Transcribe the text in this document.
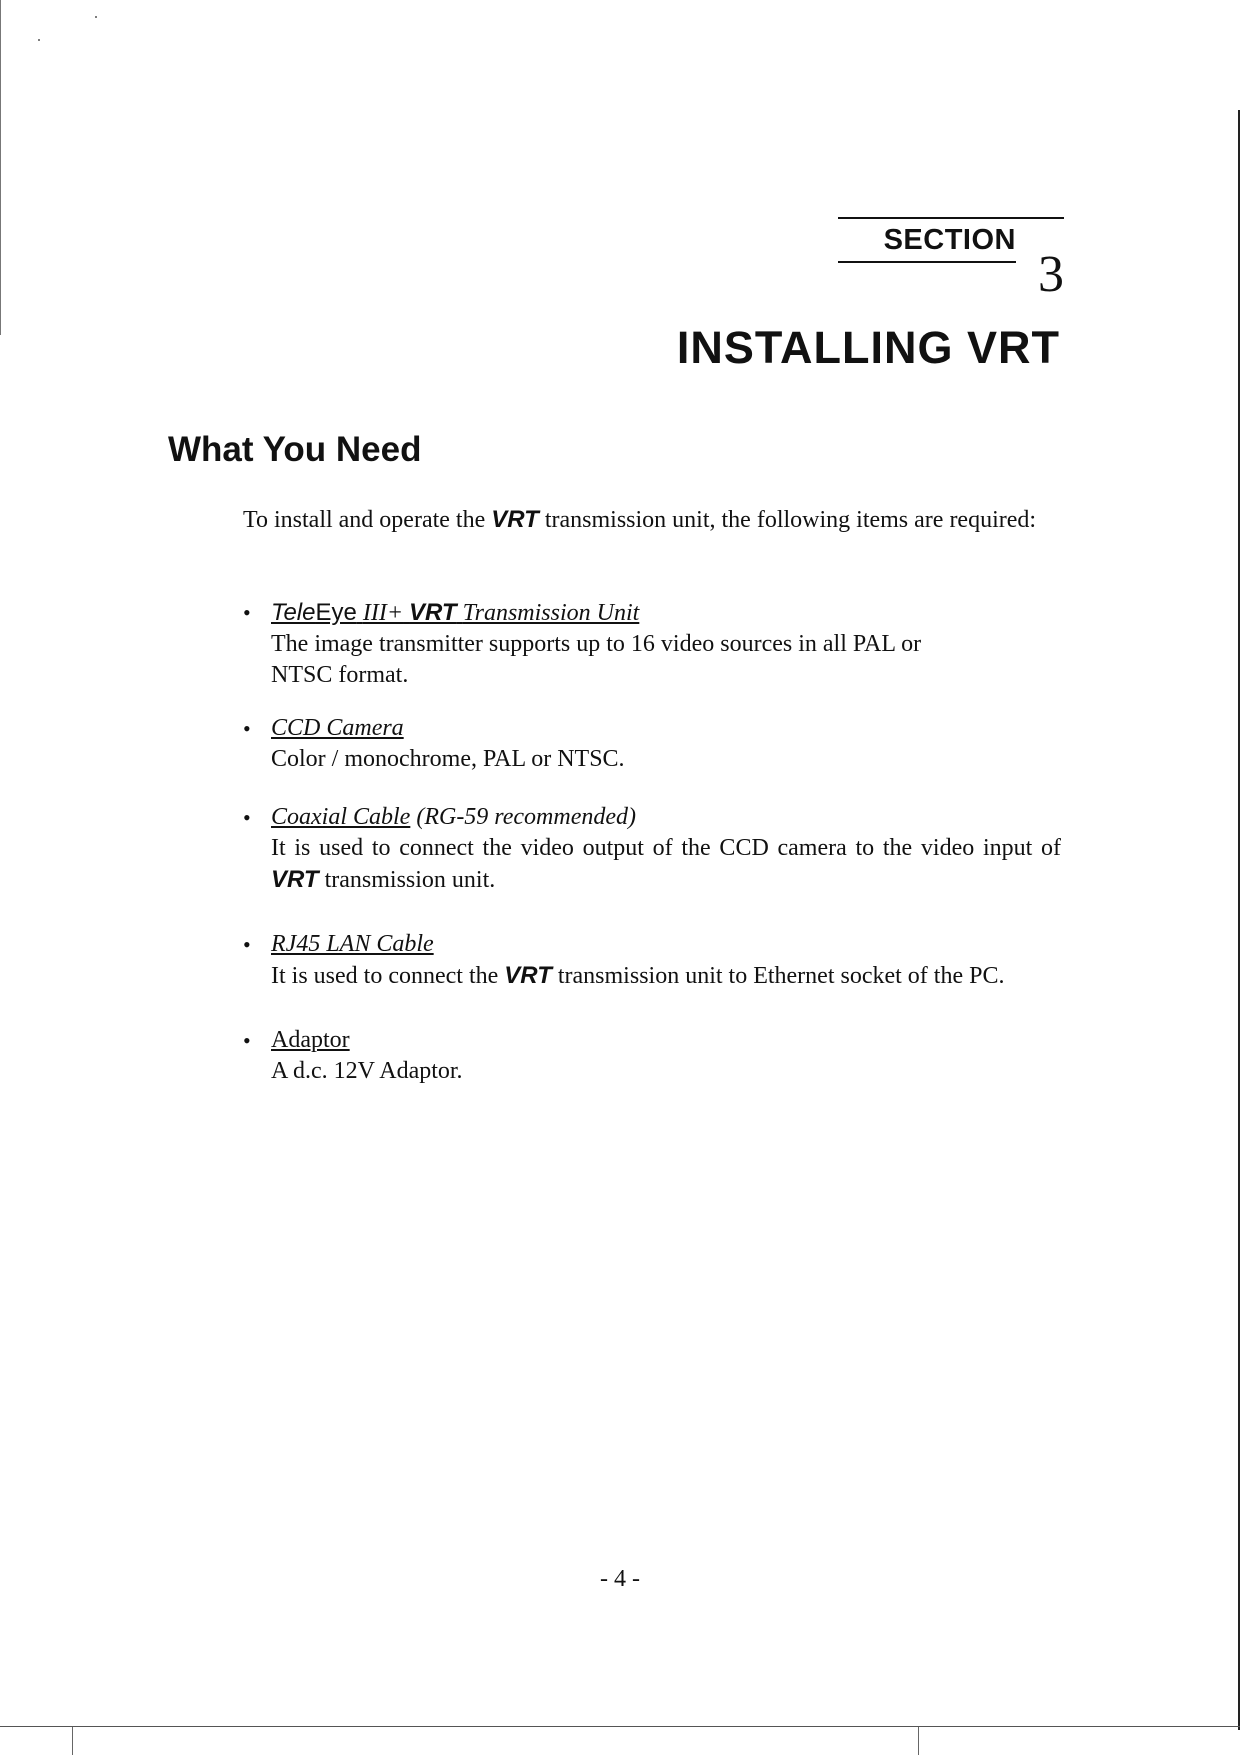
SECTION
3
INSTALLING VRT
What You Need

To install and operate the VRT transmission unit, the following items are required:

• TeleEye III+ VRT Transmission Unit
The image transmitter supports up to 16 video sources in all PAL or NTSC format.
• CCD Camera
Color / monochrome, PAL or NTSC.
• Coaxial Cable (RG-59 recommended)
It is used to connect the video output of the CCD camera to the video input of VRT transmission unit.
• RJ45 LAN Cable
It is used to connect the VRT transmission unit to Ethernet socket of the PC.
• Adaptor
A d.c. 12V Adaptor.
- 4 -
